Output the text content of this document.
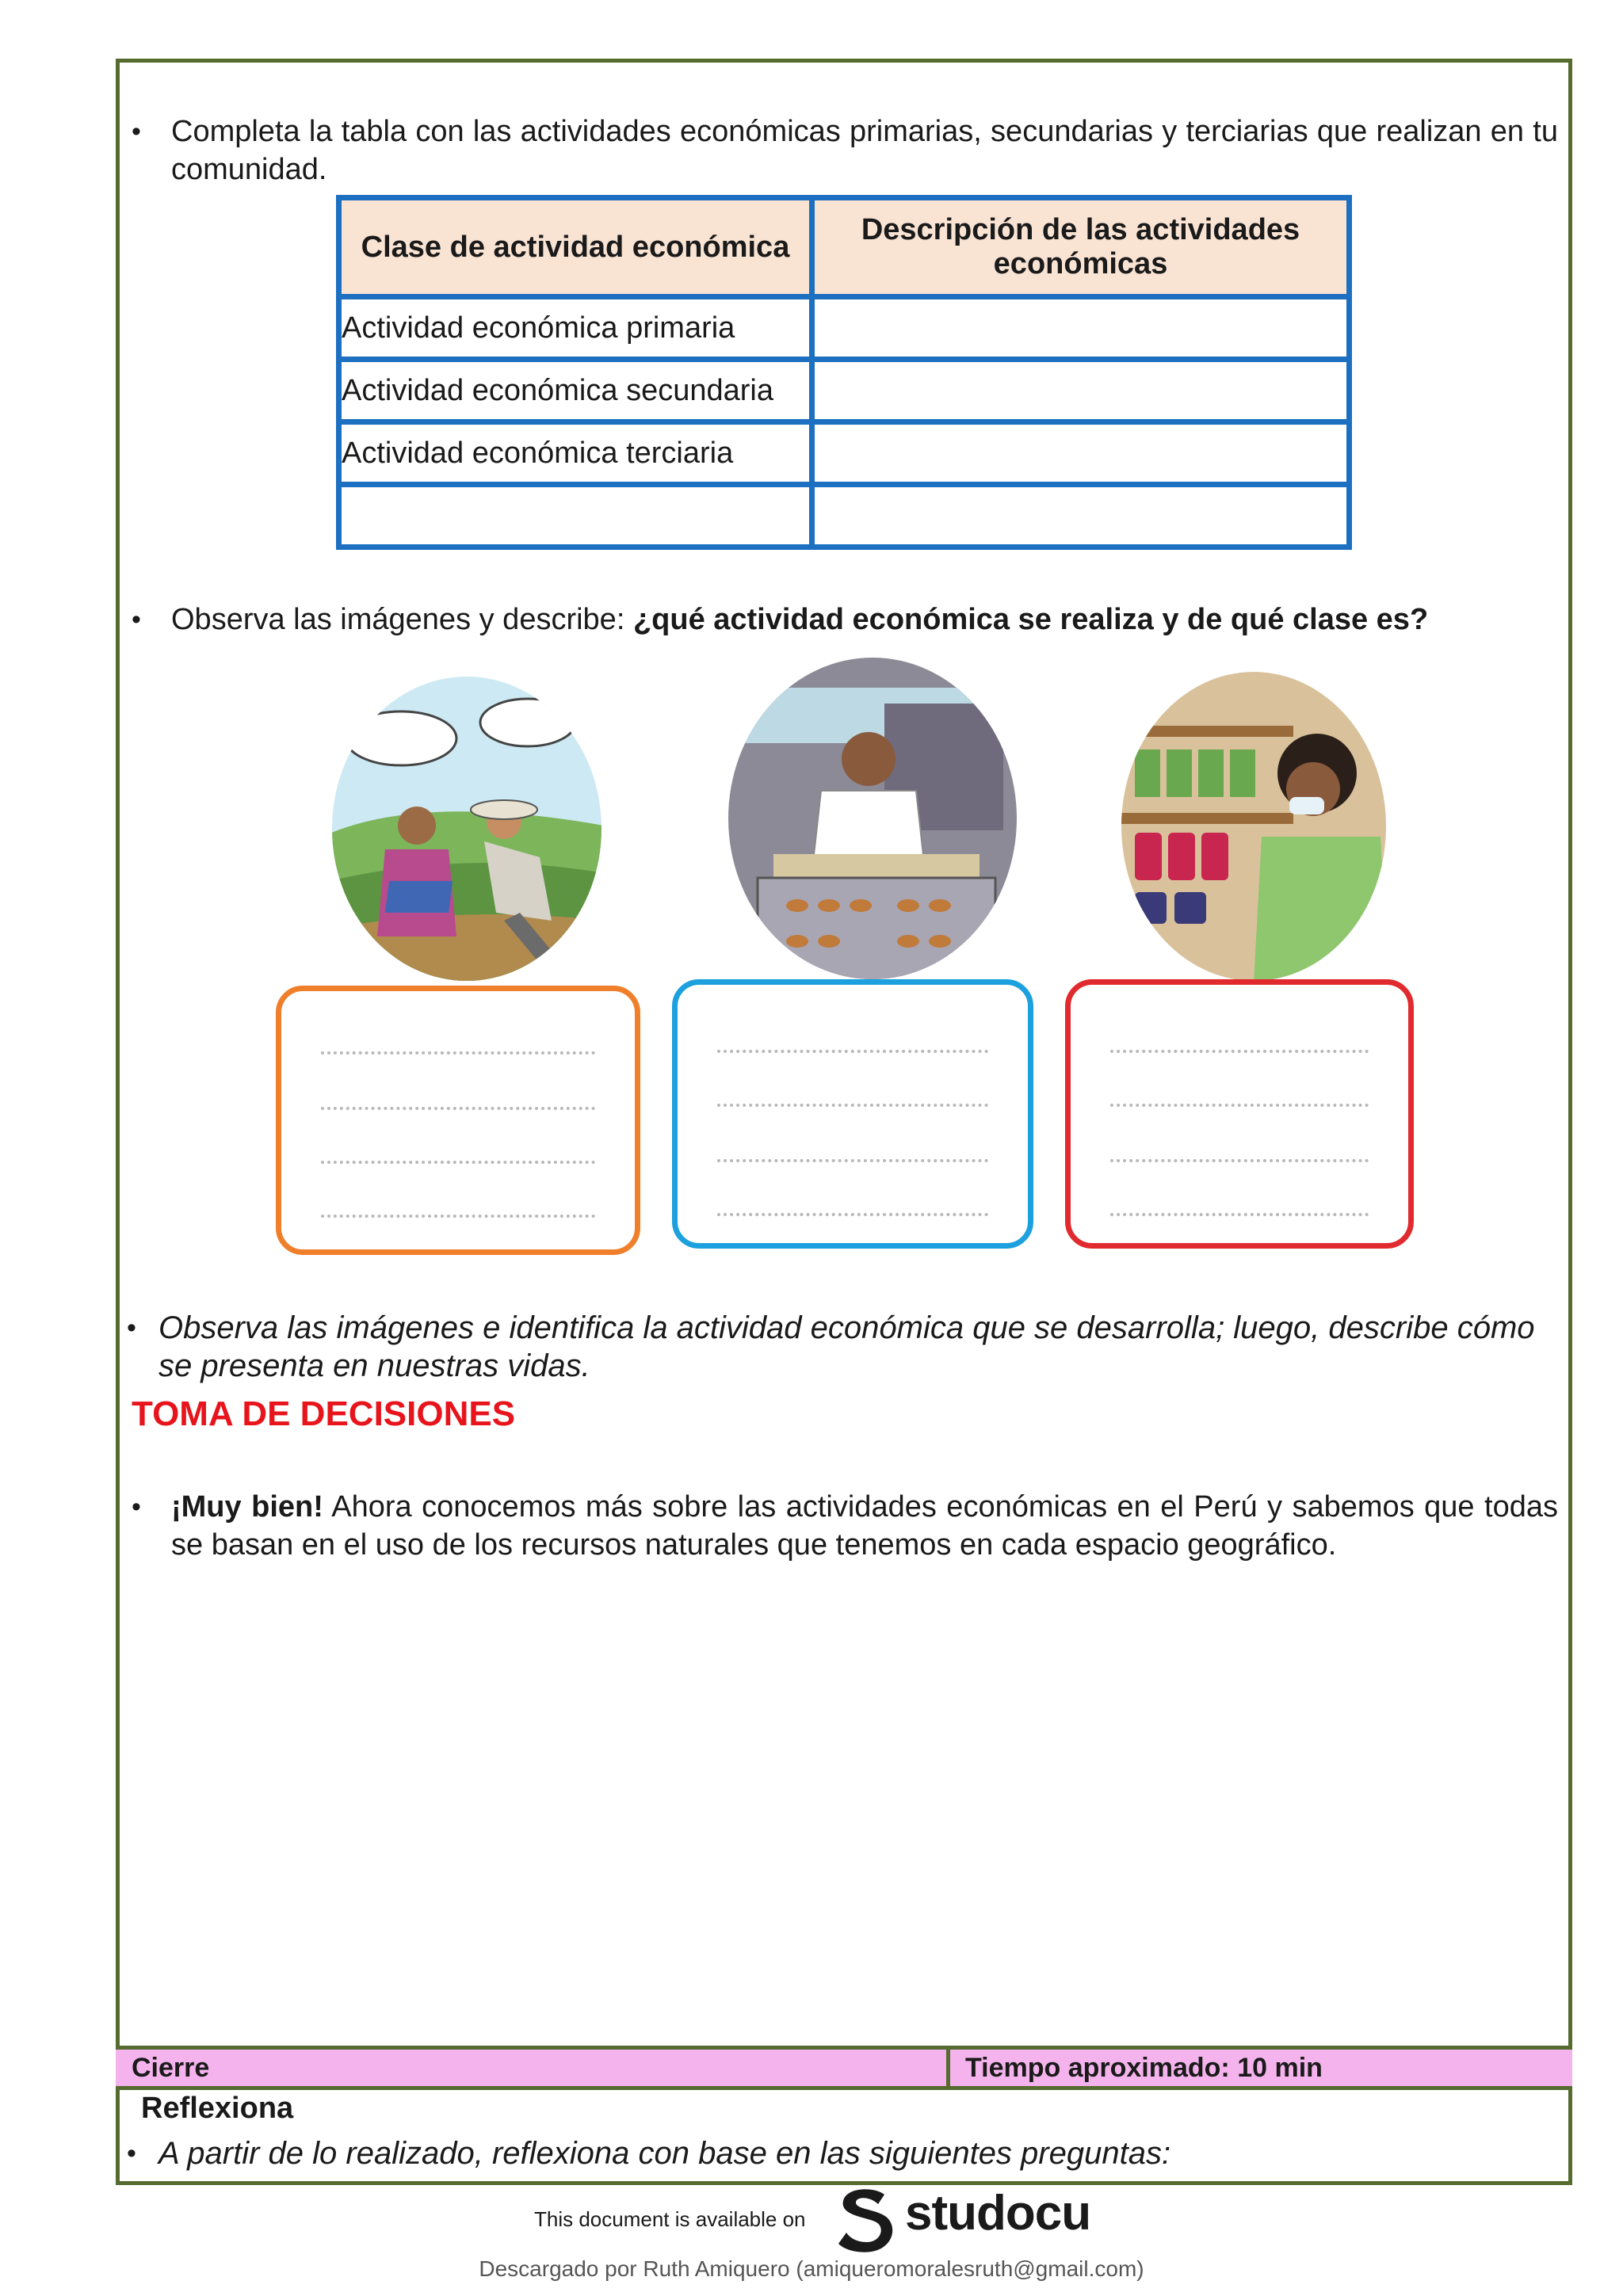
• Completa la tabla con las actividades económicas primarias, secundarias y terciarias que realizan en tu comunidad.
Clase de actividad económica	Descripción de las actividades económicas
Actividad económica primaria	
Actividad económica secundaria	
Actividad económica terciaria	

• Observa las imágenes y describe: ¿qué actividad económica se realiza y de qué clase es?
• Observa las imágenes e identifica la actividad económica que se desarrolla; luego, describe cómo se presenta en nuestras vidas.
TOMA DE DECISIONES
• ¡Muy bien! Ahora conocemos más sobre las actividades económicas en el Perú y sabemos que todas se basan en el uso de los recursos naturales que tenemos en cada espacio geográfico.
Cierre	Tiempo aproximado: 10 min
Reflexiona
• A partir de lo realizado, reflexiona con base en las siguientes preguntas:
This document is available on studocu
Descargado por Ruth Amiquero (amiqueromoralesruth@gmail.com)
